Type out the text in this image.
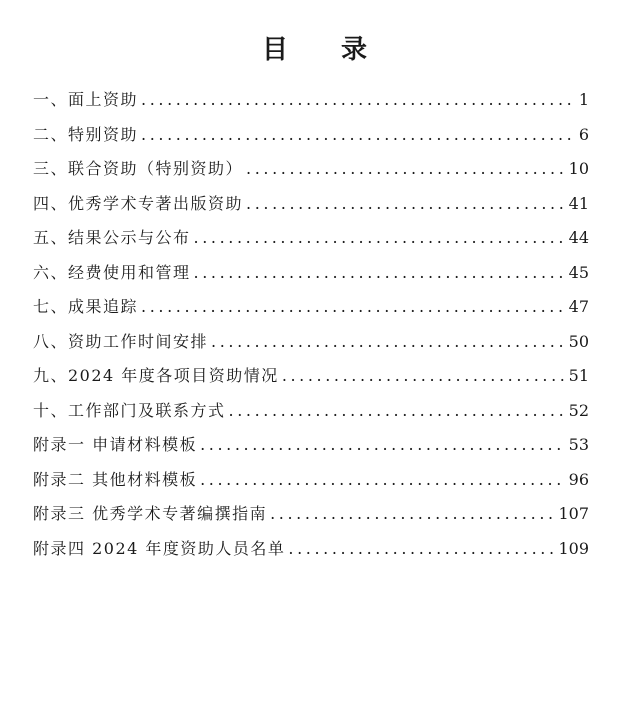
目 录
一、面上资助 .....	1
二、特别资助 .....	6
三、联合资助（特别资助） .....	10
四、优秀学术专著出版资助 .....	41
五、结果公示与公布 .....	44
六、经费使用和管理 .....	45
七、成果追踪 .....	47
八、资助工作时间安排 .....	50
九、2024 年度各项目资助情况 .....	51
十、工作部门及联系方式 .....	52
附录一 申请材料模板 .....	53
附录二 其他材料模板 .....	96
附录三 优秀学术专著编撰指南 .....	107
附录四 2024 年度资助人员名单 .....	109
